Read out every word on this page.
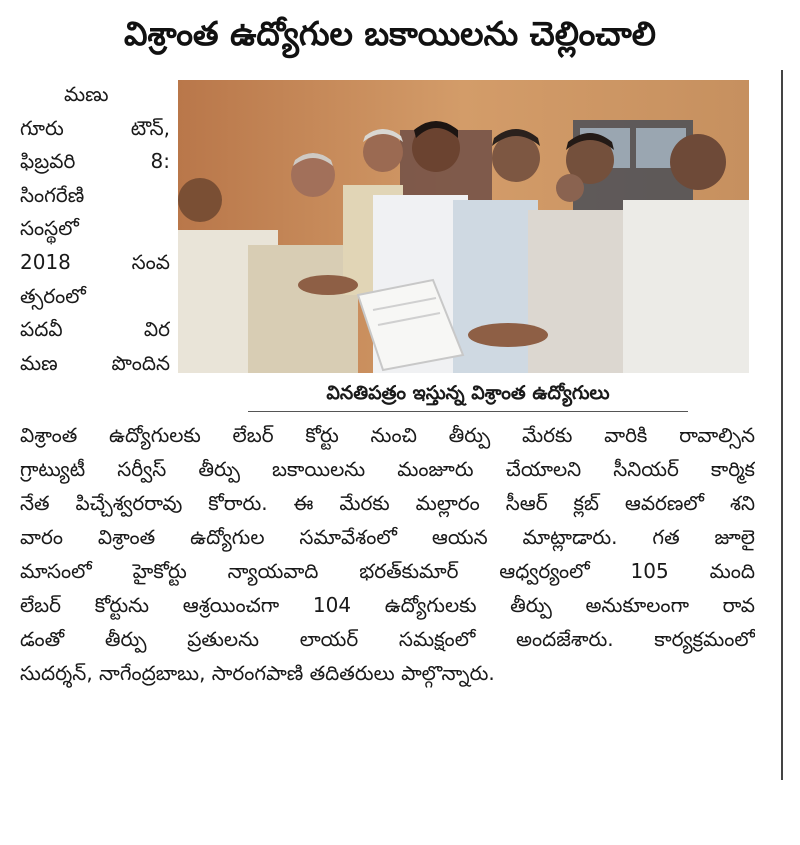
విశ్రాంత ఉద్యోగుల బకాయిలను చెల్లించాలి
మణు
గూరు టౌన్,
ఫిబ్రవరి 8:
సింగరేణి
సంస్థలో
2018 సంవ
త్సరంలో
పదవీ విర
మణ పొందిన
వినతిపత్రం ఇస్తున్న విశ్రాంత ఉద్యోగులు
విశ్రాంత ఉద్యోగులకు లేబర్ కోర్టు నుంచి తీర్పు మేరకు వారికి రావాల్సిన
గ్రాట్యుటీ సర్వీస్ తీర్పు బకాయిలను మంజూరు చేయాలని సీనియర్ కార్మిక
నేత పిచ్చేశ్వరరావు కోరారు. ఈ మేరకు మల్లారం సీఆర్ క్లబ్ ఆవరణలో శని
వారం విశ్రాంత ఉద్యోగుల సమావేశంలో ఆయన మాట్లాడారు. గత జూలై
మాసంలో హైకోర్టు న్యాయవాది భరత్‌కుమార్ ఆధ్వర్యంలో 105 మంది
లేబర్ కోర్టును ఆశ్రయించగా 104 ఉద్యోగులకు తీర్పు అనుకూలంగా రావ
డంతో తీర్పు ప్రతులను లాయర్ సమక్షంలో అందజేశారు. కార్యక్రమంలో
సుదర్శన్, నాగేంద్రబాబు, సారంగపాణి తదితరులు పాల్గొన్నారు.
